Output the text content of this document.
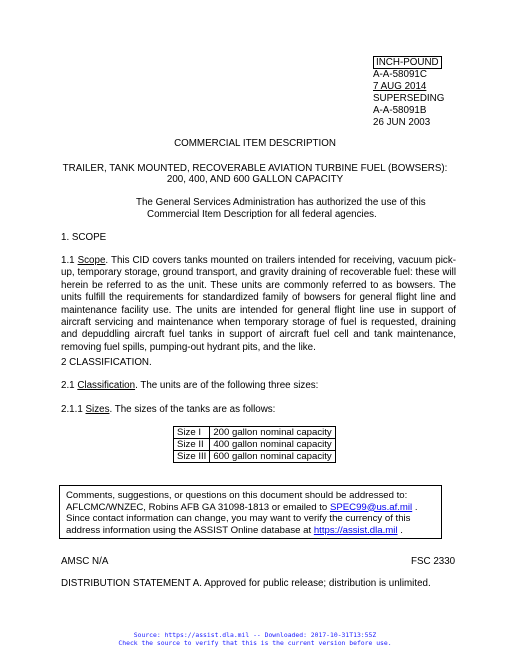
INCH-POUND
A-A-58091C
7 AUG 2014
SUPERSEDING
A-A-58091B
26 JUN 2003
COMMERCIAL ITEM DESCRIPTION
TRAILER, TANK MOUNTED, RECOVERABLE AVIATION TURBINE FUEL (BOWSERS):
200, 400, AND 600 GALLON CAPACITY
The General Services Administration has authorized the use of this
Commercial Item Description for all federal agencies.
1. SCOPE
1.1 Scope. This CID covers tanks mounted on trailers intended for receiving, vacuum pick-up, temporary storage, ground transport, and gravity draining of recoverable fuel: these will herein be referred to as the unit. These units are commonly referred to as bowsers. The units fulfill the requirements for standardized family of bowsers for general flight line and maintenance facility use. The units are intended for general flight line use in support of aircraft servicing and maintenance when temporary storage of fuel is requested, draining and depuddling aircraft fuel tanks in support of aircraft fuel cell and tank maintenance, removing fuel spills, pumping-out hydrant pits, and the like.
2 CLASSIFICATION.
2.1 Classification. The units are of the following three sizes:
2.1.1 Sizes. The sizes of the tanks are as follows:
Size I	200 gallon nominal capacity
Size II	400 gallon nominal capacity
Size III	600 gallon nominal capacity
Comments, suggestions, or questions on this document should be addressed to:
AFLCMC/WNZEC, Robins AFB GA 31098-1813 or emailed to SPEC99@us.af.mil . Since contact information can change, you may want to verify the currency of this address information using the ASSIST Online database at https://assist.dla.mil .
AMSC N/A	FSC 2330
DISTRIBUTION STATEMENT A. Approved for public release; distribution is unlimited.
Source: https://assist.dla.mil -- Downloaded: 2017-10-31T13:55Z
Check the source to verify that this is the current version before use.
